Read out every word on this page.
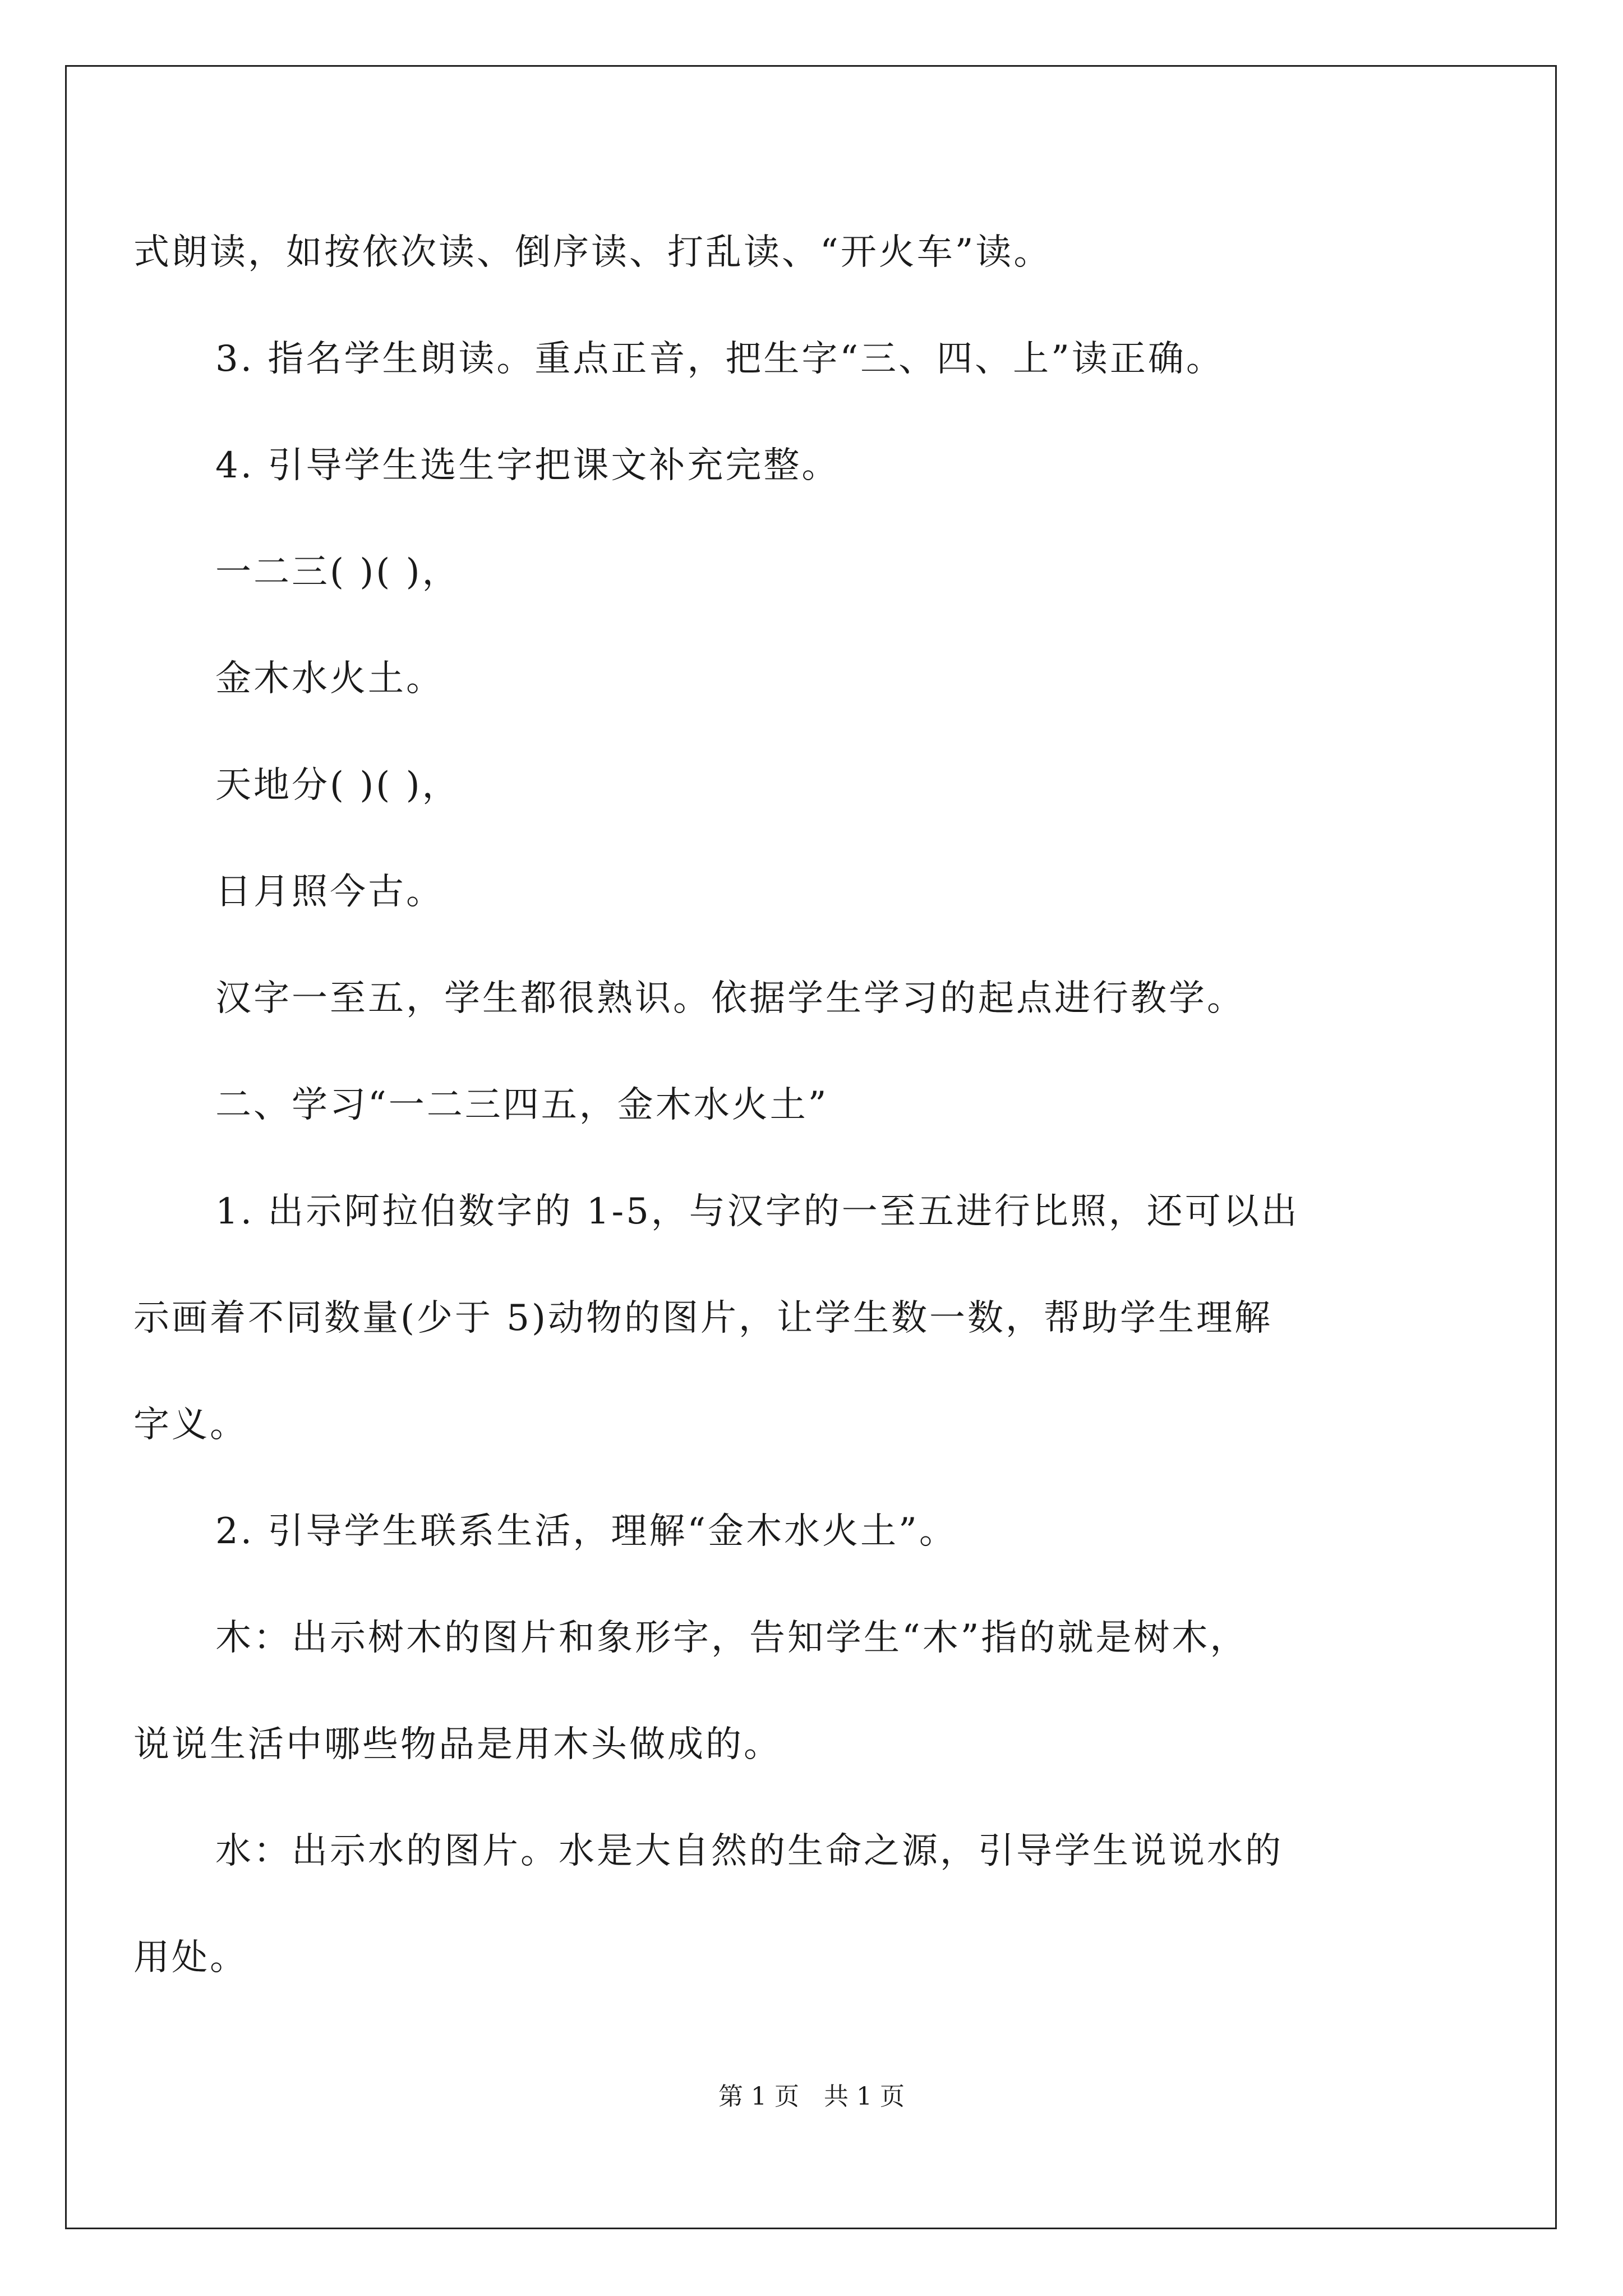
式朗读，如按依次读、倒序读、打乱读、“开火车”读。
3. 指名学生朗读。重点正音，把生字“三、四、上”读正确。
4. 引导学生选生字把课文补充完整。
一二三( )( )，
金木水火土。
天地分( )( )，
日月照今古。
汉字一至五，学生都很熟识。依据学生学习的起点进行教学。
二、学习“一二三四五，金木水火土”
1. 出示阿拉伯数字的 1-5，与汉字的一至五进行比照，还可以出
示画着不同数量(少于 5)动物的图片，让学生数一数，帮助学生理解
字义。
2. 引导学生联系生活，理解“金木水火土”。
木：出示树木的图片和象形字，告知学生“木”指的就是树木，
说说生活中哪些物品是用木头做成的。
水：出示水的图片。水是大自然的生命之源，引导学生说说水的
用处。
第 1 页　共 1 页
